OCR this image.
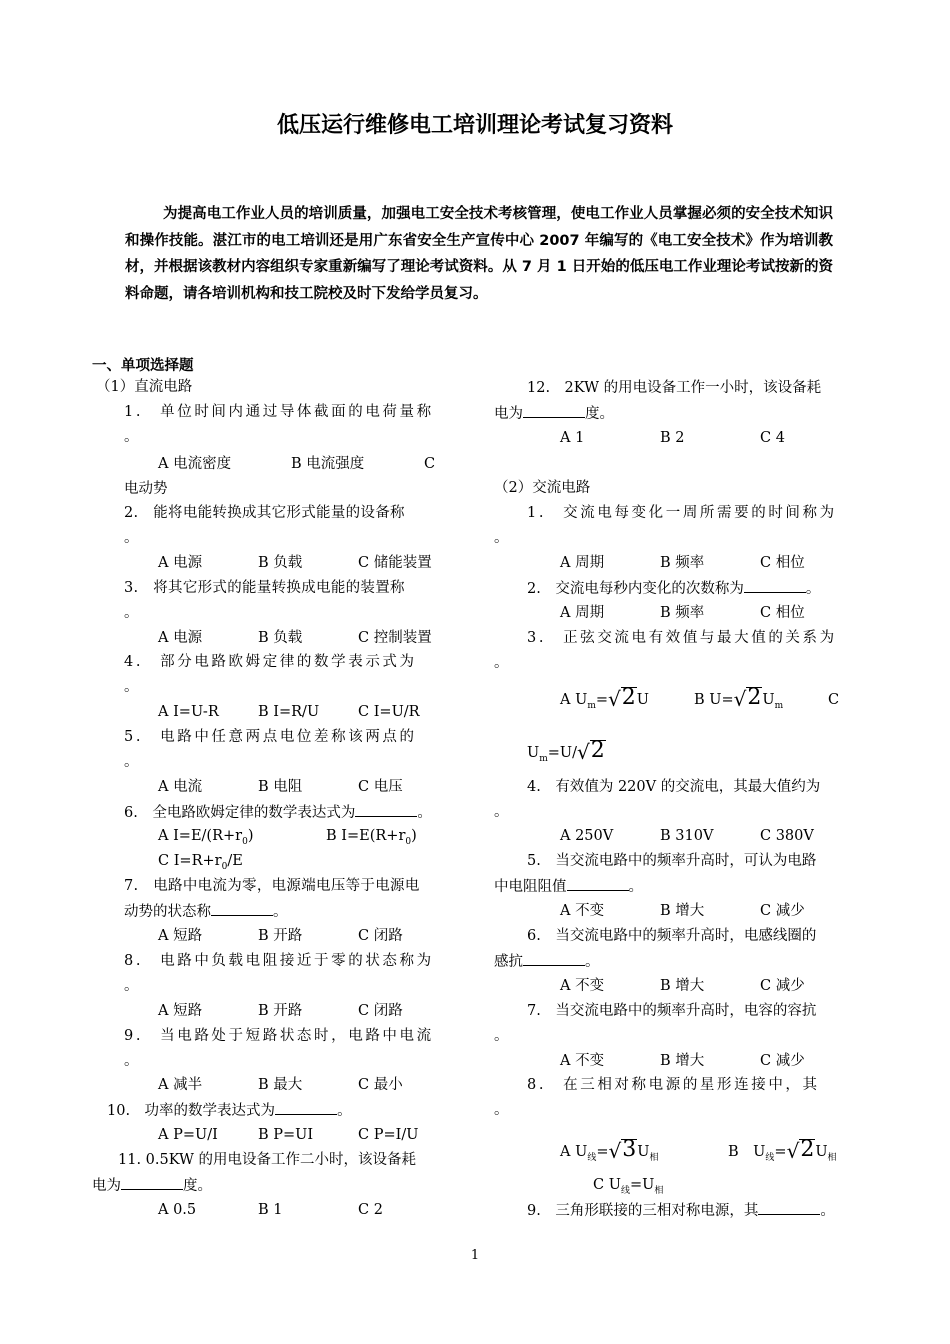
低压运行维修电工培训理论考试复习资料
为提高电工作业人员的培训质量，加强电工安全技术考核管理，使电工作业人员掌握必须的安全技术知识和操作技能。湛江市的电工培训还是用广东省安全生产宣传中心 2007 年编写的《电工安全技术》作为培训教材，并根据该教材内容组织专家重新编写了理论考试资料。从 7 月 1 日开始的低压电工作业理论考试按新的资料命题，请各培训机构和技工院校及时下发给学员复习。
一、单项选择题
（1）直流电路
1.　单位时间内通过导体截面的电荷量称
。
A 电流密度	B 电流强度	C
电动势
2.　能将电能转换成其它形式能量的设备称
。
A 电源	B 负载	C 储能装置
3.　将其它形式的能量转换成电能的装置称
。
A 电源	B 负载	C 控制装置
4.　部分电路欧姆定律的数学表示式为
。
A I=U-R	B I=R/U	C I=U/R
5.　电路中任意两点电位差称该两点的
。
A 电流	B 电阻	C 电压
6.　全电路欧姆定律的数学表达式为	。
A $I=E/(R+r_0)$	B $I=E(R+r_0)$
C $I=R+r_0/E$
7.　电路中电流为零，电源端电压等于电源电
动势的状态称	。
A 短路	B 开路	C 闭路
8.　电路中负载电阻接近于零的状态称为
。
A 短路	B 开路	C 闭路
9.　当电路处于短路状态时，电路中电流
。
A 减半	B 最大	C 最小
10.　功率的数学表达式为	。
A P=U/I	B P=UI	C P=I/U
11. 0.5KW 的用电设备工作二小时，该设备耗
电为	度。
A 0.5	B 1	C 2
12.　2KW 的用电设备工作一小时，该设备耗
电为	度。
A 1	B 2	C 4
（2）交流电路
1.　交流电每变化一周所需要的时间称为
。
A 周期	B 频率	C 相位
2.　交流电每秒内变化的次数称为	。
A 周期	B 频率	C 相位
3.　正弦交流电有效值与最大值的关系为
。
A $U_m=√2U$	B $U=√2U_m$	C
$U_m=U/√2$
4.　有效值为 220V 的交流电，其最大值约为
。
A 250V	B 310V	C 380V
5.　当交流电路中的频率升高时，可认为电路
中电阻阻值	。
A 不变	B 增大	C 减少
6.　当交流电路中的频率升高时，电感线圈的
感抗	。
A 不变	B 增大	C 减少
7.　当交流电路中的频率升高时，电容的容抗
。
A 不变	B 增大	C 减少
8.　在三相对称电源的星形连接中，其
。
A $U_线=√3U_相$	B　$U_线=√2U_相$
C $U_线=U_相$
9.　三角形联接的三相对称电源，其	。
1
